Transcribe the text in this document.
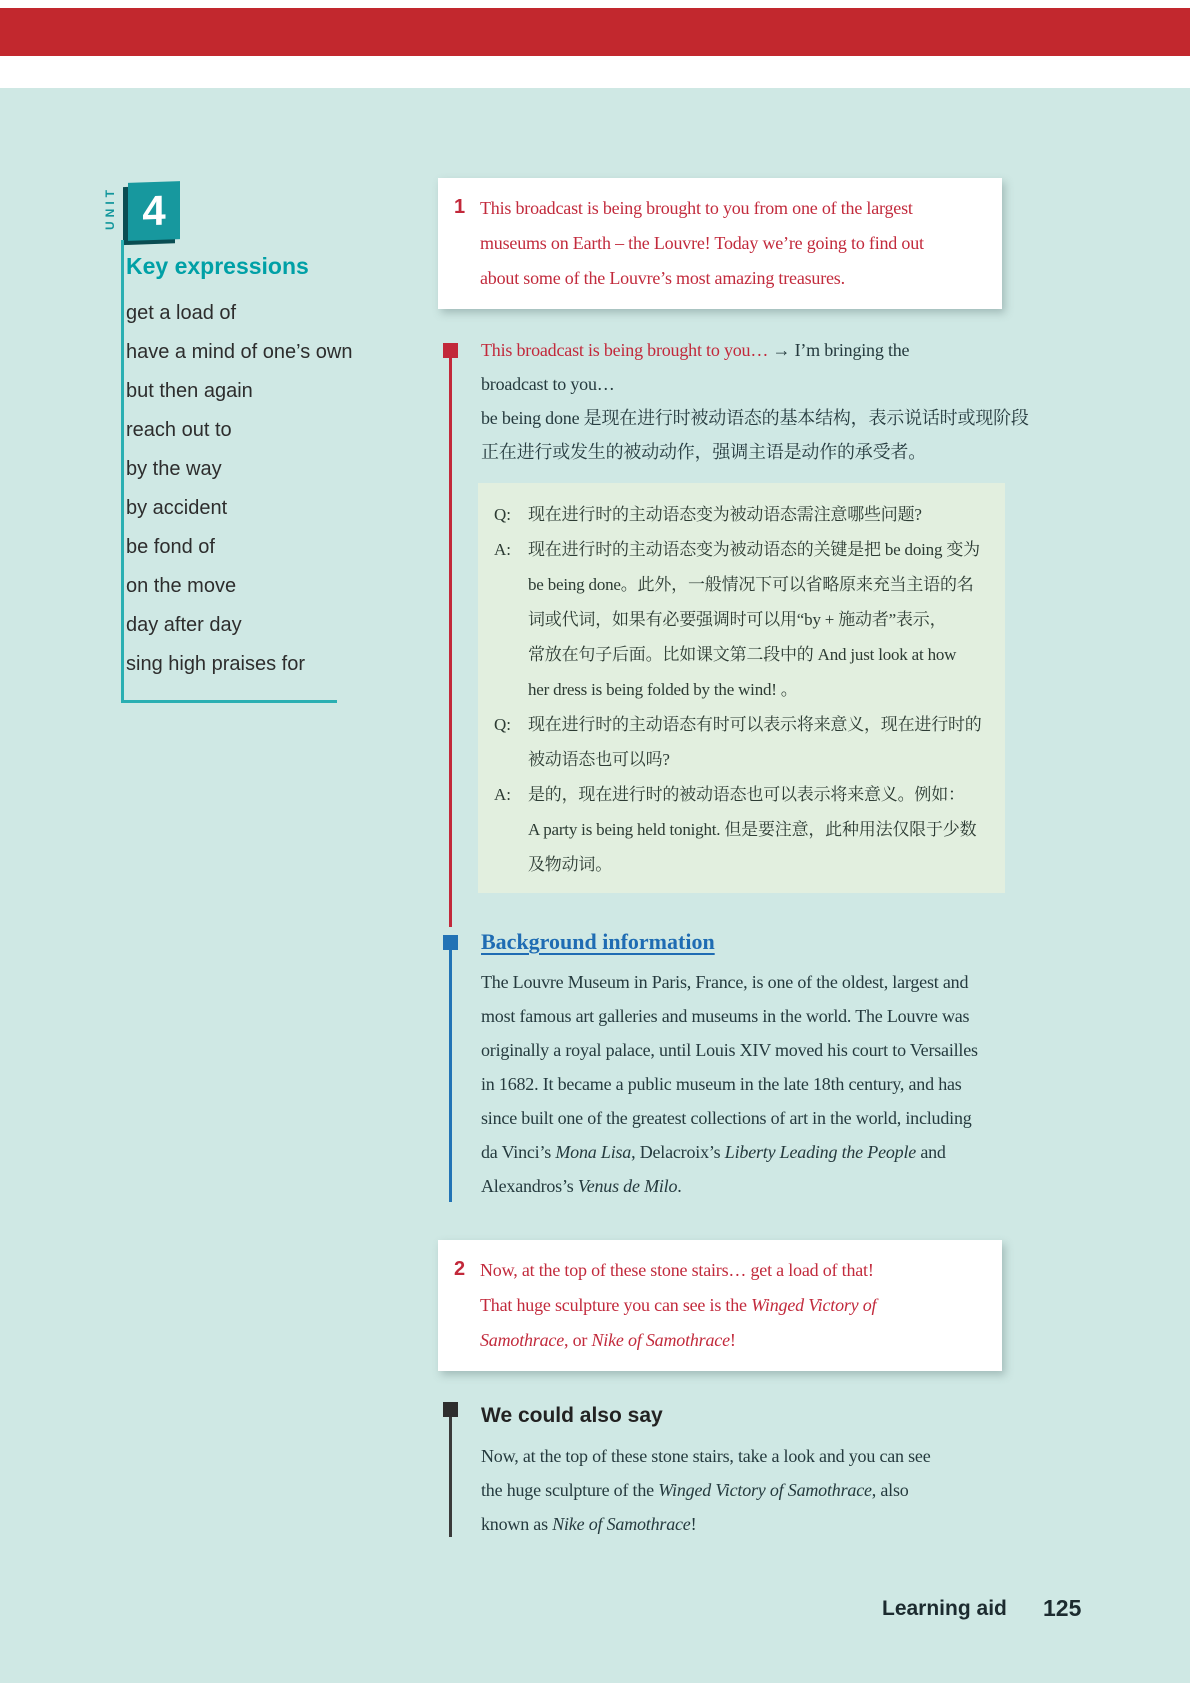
UNIT 4
Key expressions
get a load of
have a mind of one’s own
but then again
reach out to
by the way
by accident
be fond of
on the move
day after day
sing high praises for
1 This broadcast is being brought to you from one of the largest
museums on Earth – the Louvre! Today we’re going to find out
about some of the Louvre’s most amazing treasures.
This broadcast is being brought to you… → I’m bringing the
broadcast to you…
be being done 是现在进行时被动语态的基本结构，表示说话时或现阶段
正在进行或发生的被动动作，强调主语是动作的承受者。
Q:	现在进行时的主动语态变为被动语态需注意哪些问题?
A:	现在进行时的主动语态变为被动语态的关键是把 be doing 变为
be being done。此外，一般情况下可以省略原来充当主语的名
词或代词，如果有必要强调时可以用“by + 施动者”表示，
常放在句子后面。比如课文第二段中的 And just look at how
her dress is being folded by the wind! 。
Q:	现在进行时的主动语态有时可以表示将来意义，现在进行时的
被动语态也可以吗?
A:	是的，现在进行时的被动语态也可以表示将来意义。例如：
A party is being held tonight. 但是要注意，此种用法仅限于少数
及物动词。
Background information
The Louvre Museum in Paris, France, is one of the oldest, largest and
most famous art galleries and museums in the world. The Louvre was
originally a royal palace, until Louis XIV moved his court to Versailles
in 1682. It became a public museum in the late 18th century, and has
since built one of the greatest collections of art in the world, including
da Vinci’s Mona Lisa, Delacroix’s Liberty Leading the People and
Alexandros’s Venus de Milo.
2 Now, at the top of these stone stairs… get a load of that!
That huge sculpture you can see is the Winged Victory of
Samothrace, or Nike of Samothrace!
We could also say
Now, at the top of these stone stairs, take a look and you can see
the huge sculpture of the Winged Victory of Samothrace, also
known as Nike of Samothrace!
Learning aid 125
